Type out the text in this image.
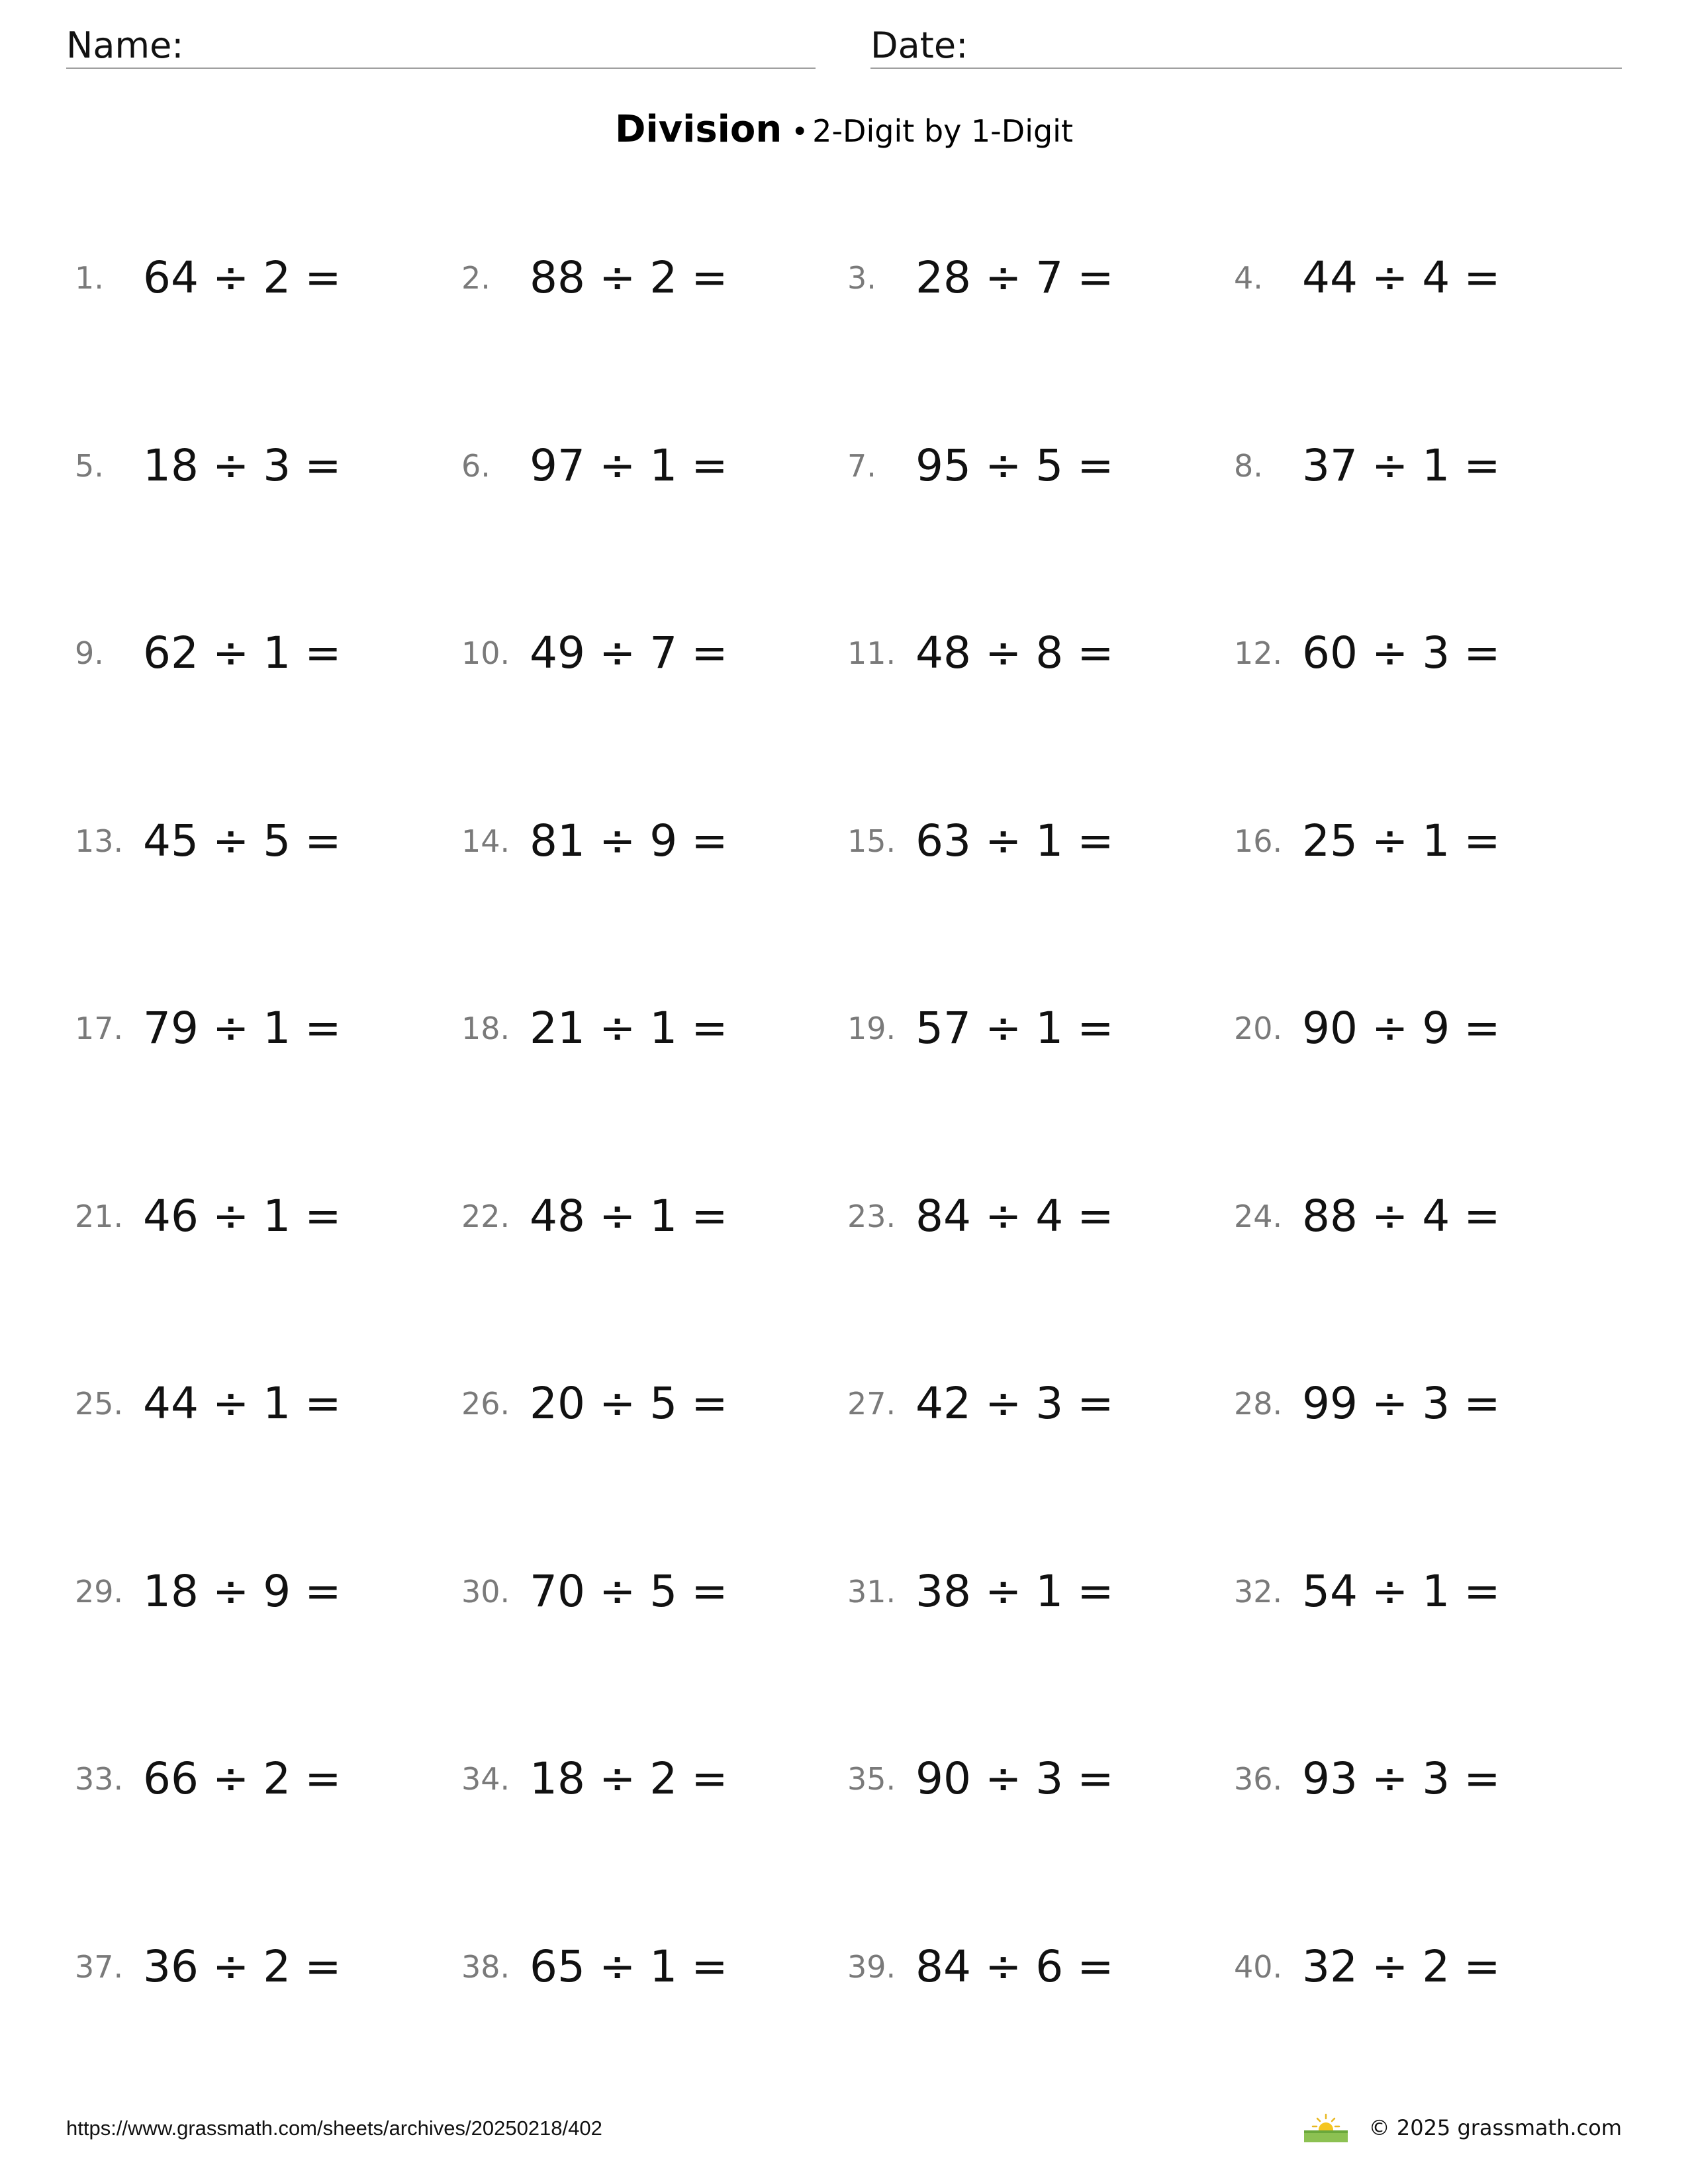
Name:	Date:
Division • 2-Digit by 1-Digit
1. 64 ÷ 2 =	2. 88 ÷ 2 =	3. 28 ÷ 7 =	4. 44 ÷ 4 =
5. 18 ÷ 3 =	6. 97 ÷ 1 =	7. 95 ÷ 5 =	8. 37 ÷ 1 =
9. 62 ÷ 1 =	10. 49 ÷ 7 =	11. 48 ÷ 8 =	12. 60 ÷ 3 =
13. 45 ÷ 5 =	14. 81 ÷ 9 =	15. 63 ÷ 1 =	16. 25 ÷ 1 =
17. 79 ÷ 1 =	18. 21 ÷ 1 =	19. 57 ÷ 1 =	20. 90 ÷ 9 =
21. 46 ÷ 1 =	22. 48 ÷ 1 =	23. 84 ÷ 4 =	24. 88 ÷ 4 =
25. 44 ÷ 1 =	26. 20 ÷ 5 =	27. 42 ÷ 3 =	28. 99 ÷ 3 =
29. 18 ÷ 9 =	30. 70 ÷ 5 =	31. 38 ÷ 1 =	32. 54 ÷ 1 =
33. 66 ÷ 2 =	34. 18 ÷ 2 =	35. 90 ÷ 3 =	36. 93 ÷ 3 =
37. 36 ÷ 2 =	38. 65 ÷ 1 =	39. 84 ÷ 6 =	40. 32 ÷ 2 =
https://www.grassmath.com/sheets/archives/20250218/402	© 2025 grassmath.com
